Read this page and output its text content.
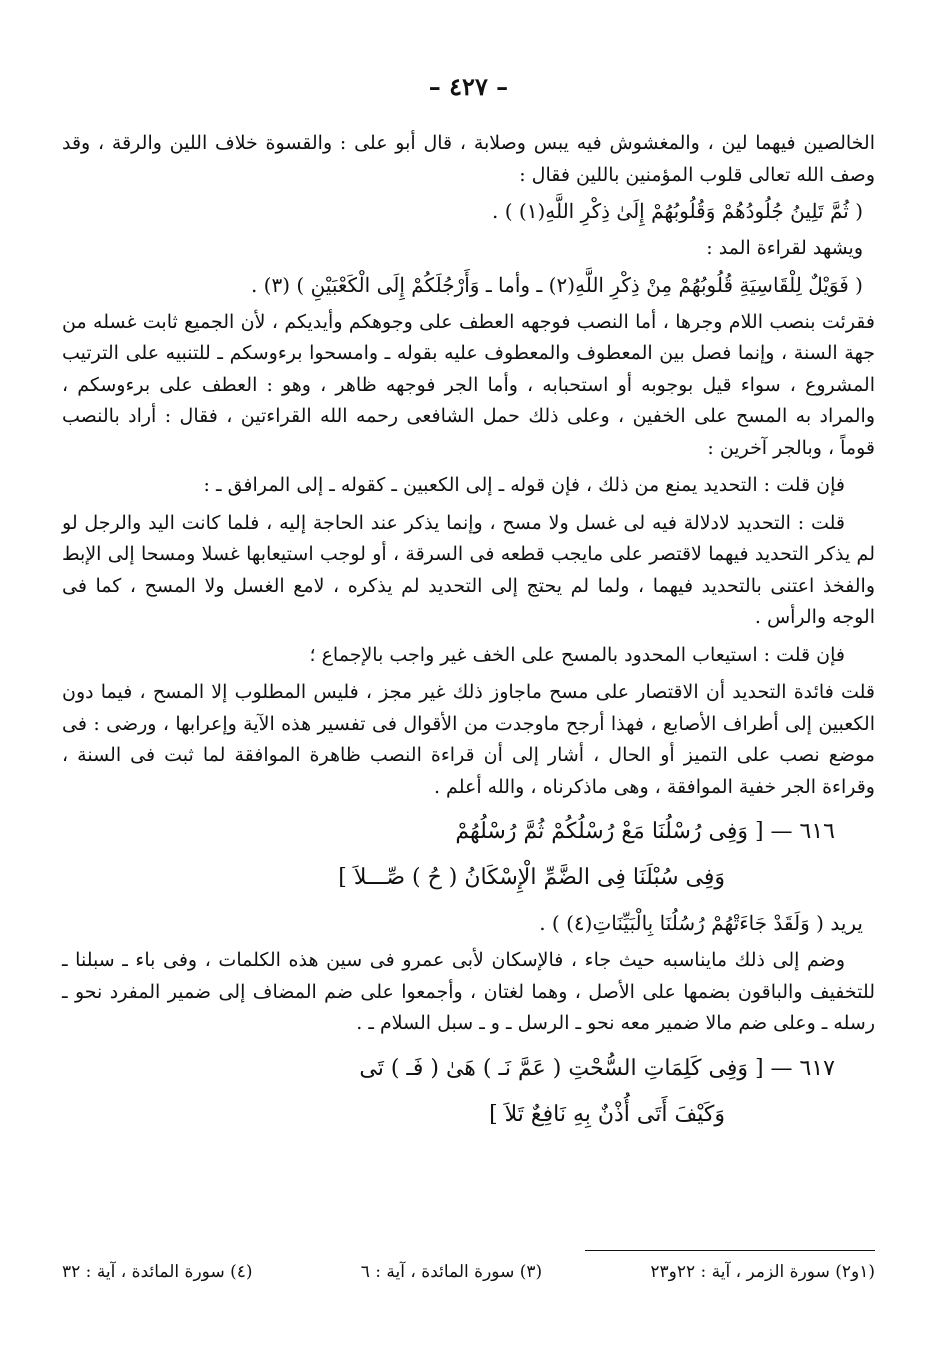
– ٤٢٧ –

الخالصين فيهما لين ، والمغشوش فيه يبس وصلابة ، قال أبو على : والقسوة خلاف اللين والرقة ، وقد وصف الله تعالى قلوب المؤمنين باللين فقال :

( ثُمَّ تَلِينُ جُلُودُهُمْ وَقُلُوبُهُمْ إِلَىٰ ذِكْرِ اللَّهِ(١) ) .

ويشهد لقراءة المد :

( فَوَيْلٌ لِلْقَاسِيَةِ قُلُوبُهُمْ مِنْ ذِكْرِ اللَّهِ(٢) ـ وأما ـ وَأَرْجُلَكُمْ إِلَى الْكَعْبَيْنِ ) (٣) .

فقرئت بنصب اللام وجرها ، أما النصب فوجهه العطف على وجوهكم وأيديكم ، لأن الجميع ثابت غسله من جهة السنة ، وإنما فصل بين المعطوف والمعطوف عليه بقوله ـ وامسحوا برءوسكم ـ للتنبيه على الترتيب المشروع ، سواء قيل بوجوبه أو استحبابه ، وأما الجر فوجهه ظاهر ، وهو : العطف على برءوسكم ، والمراد به المسح على الخفين ، وعلى ذلك حمل الشافعى رحمه الله القراءتين ، فقال : أراد بالنصب قوماً ، وبالجر آخرين :

فإن قلت : التحديد يمنع من ذلك ، فإن قوله ـ إلى الكعبين ـ كقوله ـ إلى المرافق ـ :

قلت : التحديد لادلالة فيه لى غسل ولا مسح ، وإنما يذكر عند الحاجة إليه ، فلما كانت اليد والرجل لو لم يذكر التحديد فيهما لاقتصر على مايجب قطعه فى السرقة ، أو لوجب استيعابها غسلا ومسحا إلى الإبط والفخذ اعتنى بالتحديد فيهما ، ولما لم يحتج إلى التحديد لم يذكره ، لامع الغسل ولا المسح ، كما فى الوجه والرأس .

فإن قلت : استيعاب المحدود بالمسح على الخف غير واجب بالإجماع ؛

قلت فائدة التحديد أن الاقتصار على مسح ماجاوز ذلك غير مجز ، فليس المطلوب إلا المسح ، فيما دون الكعبين إلى أطراف الأصابع ، فهذا أرجح ماوجدت من الأقوال فى تفسير هذه الآية وإعرابها ، ورضى : فى موضع نصب على التميز أو الحال ، أشار إلى أن قراءة النصب ظاهرة الموافقة لما ثبت فى السنة ، وقراءة الجر خفية الموافقة ، وهى ماذكرناه ، والله أعلم .

٦١٦ — [ وَفِى رُسْلُنَا مَعْ رُسْلُكُمْ ثُمَّ رُسْلُهُمْ
وَفِى سُبْلَنَا فِى الضَّمِّ الْإِسْكَانُ ( حُ ) صِّـــلاَ ]

يريد ( وَلَقَدْ جَاءَتْهُمْ رُسُلُنَا بِالْبَيِّنَاتِ(٤) ) .

وضم إلى ذلك مايناسبه حيث جاء ، فالإسكان لأبى عمرو فى سين هذه الكلمات ، وفى باء ـ سبلنا ـ للتخفيف والباقون بضمها على الأصل ، وهما لغتان ، وأجمعوا على ضم المضاف إلى ضمير المفرد نحو ـ رسله ـ وعلى ضم مالا ضمير معه نحو ـ الرسل ـ و ـ سبل السلام ـ .

٦١٧ — [ وَفِى كَلِمَاتِ السُّحْتِ ( عَمَّ نَـ ) هَىٰ ( فَـ ) تَى
وَكَيْفَ أَتَى أُذْنٌ بِهِ نَافِعٌ تَلاَ ]
(١و٢) سورة الزمر ، آية : ٢٢و٢٣
(٣) سورة المائدة ، آية : ٦
(٤) سورة المائدة ، آية : ٣٢
